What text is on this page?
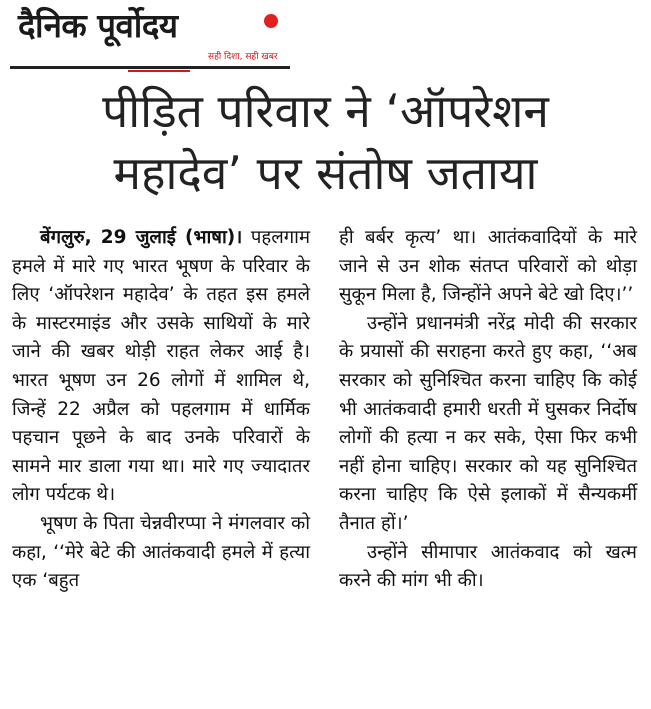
दैनिक पूर्वोदय
सही दिशा, सही खबर
पीड़ित परिवार ने ‘ऑपरेशन
महादेव’ पर संतोष जताया

बेंगलुरु, 29 जुलाई (भाषा)। पहलगाम हमले में मारे गए भारत भूषण के परिवार के लिए ‘ऑपरेशन महादेव’ के तहत इस हमले के मास्टरमाइंड और उसके साथियों के मारे जाने की खबर थोड़ी राहत लेकर आई है। भारत भूषण उन 26 लोगों में शामिल थे, जिन्हें 22 अप्रैल को पहलगाम में धार्मिक पहचान पूछने के बाद उनके परिवारों के सामने मार डाला गया था। मारे गए ज्यादातर लोग पर्यटक थे।

भूषण के पिता चेन्नवीरप्पा ने मंगलवार को कहा, ‘‘मेरे बेटे की आतंकवादी हमले में हत्या एक ‘बहुत

ही बर्बर कृत्य’ था। आतंकवादियों के मारे जाने से उन शोक संतप्त परिवारों को थोड़ा सुकून मिला है, जिन्होंने अपने बेटे खो दिए।’’

उन्होंने प्रधानमंत्री नरेंद्र मोदी की सरकार के प्रयासों की सराहना करते हुए कहा, ‘‘अब सरकार को सुनिश्चित करना चाहिए कि कोई भी आतंकवादी हमारी धरती में घुसकर निर्दोष लोगों की हत्या न कर सके, ऐसा फिर कभी नहीं होना चाहिए। सरकार को यह सुनिश्चित करना चाहिए कि ऐसे इलाकों में सैन्यकर्मी तैनात हों।’

उन्होंने सीमापार आतंकवाद को खत्म करने की मांग भी की।
